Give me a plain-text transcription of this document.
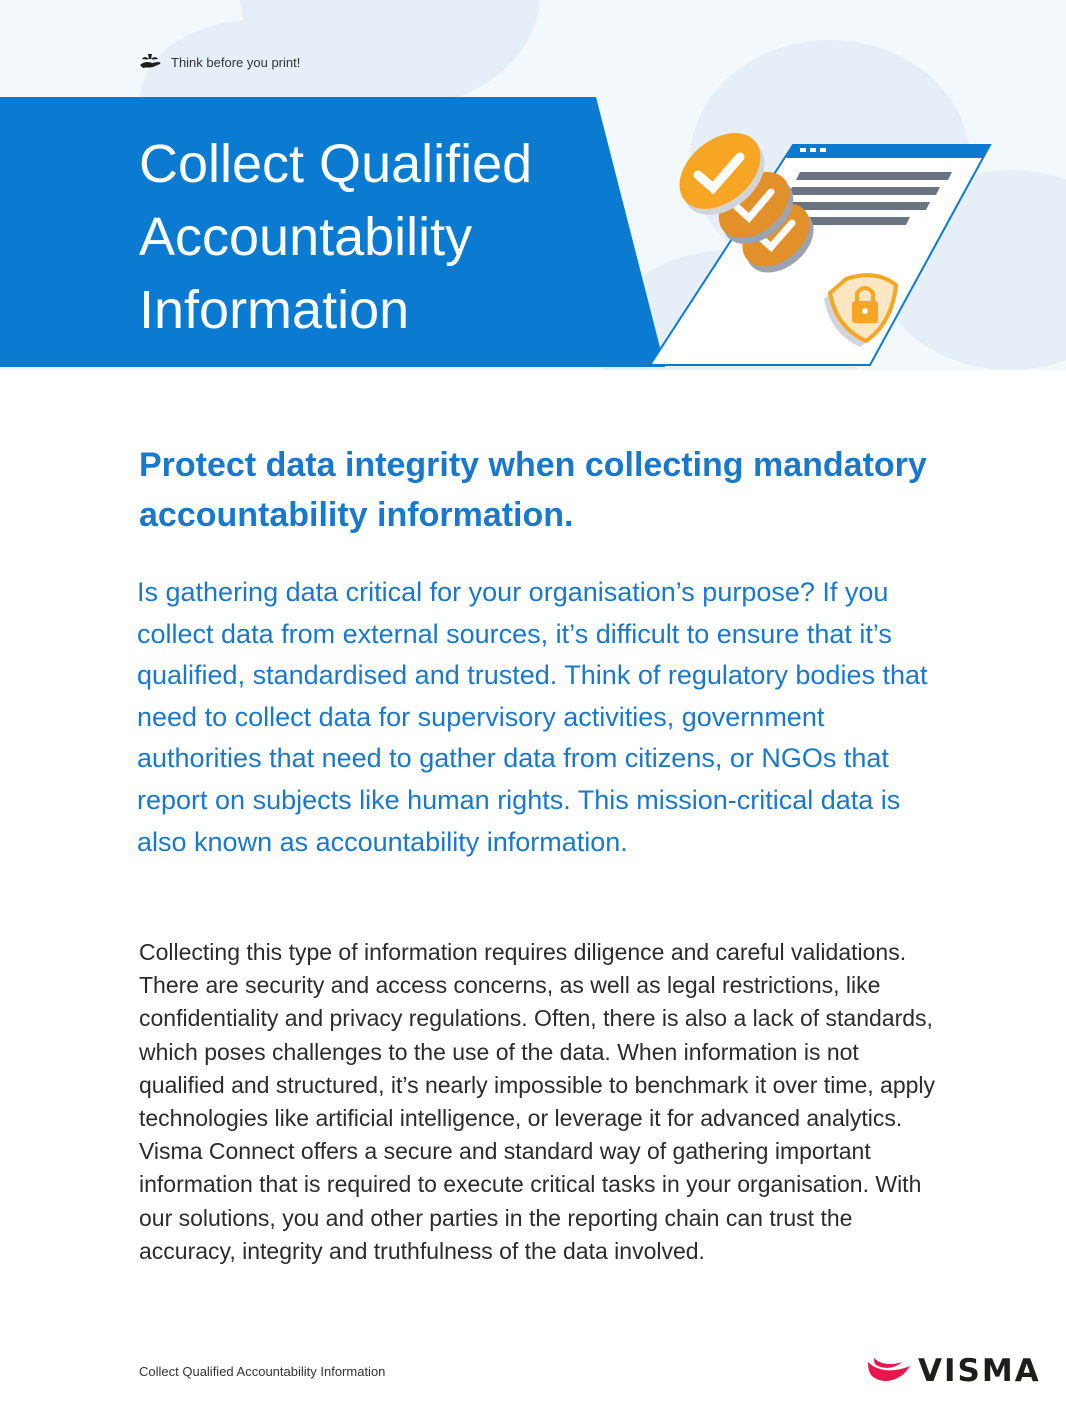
Think before you print!
Collect Qualified Accountability Information
Protect data integrity when collecting mandatory accountability information.

Is gathering data critical for your organisation’s purpose? If you collect data from external sources, it’s difficult to ensure that it’s qualified, standardised and trusted. Think of regulatory bodies that need to collect data for supervisory activities, government authorities that need to gather data from citizens, or NGOs that report on subjects like human rights. This mission-critical data is also known as accountability information.

Collecting this type of information requires diligence and careful validations. There are security and access concerns, as well as legal restrictions, like confidentiality and privacy regulations. Often, there is also a lack of standards, which poses challenges to the use of the data. When information is not qualified and structured, it’s nearly impossible to benchmark it over time, apply technologies like artificial intelligence, or leverage it for advanced analytics. Visma Connect offers a secure and standard way of gathering important information that is required to execute critical tasks in your organisation. With our solutions, you and other parties in the reporting chain can trust the accuracy, integrity and truthfulness of the data involved.

Collect Qualified Accountability Information	VISMA
